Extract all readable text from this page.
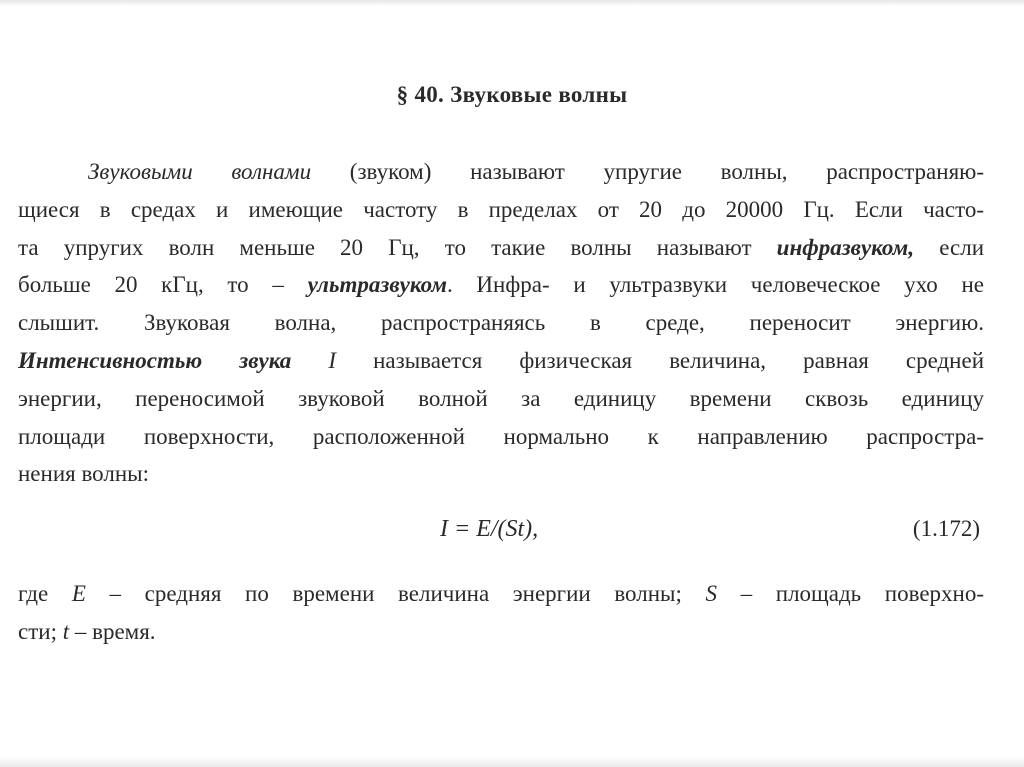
§ 40. Звуковые волны
Звуковыми волнами (звуком) называют упругие волны, распространяю-
щиеся в средах и имеющие частоту в пределах от 20 до 20000 Гц. Если часто-
та упругих волн меньше 20 Гц, то такие волны называют инфразвуком, если
больше 20 кГц, то – ультразвуком. Инфра- и ультразвуки человеческое ухо не
слышит. Звуковая волна, распространяясь в среде, переносит энергию.
Интенсивностью звука I называется физическая величина, равная средней
энергии, переносимой звуковой волной за единицу времени сквозь единицу
площади поверхности, расположенной нормально к направлению распростра-
нения волны:
I = E/(St),	(1.172)
где E – средняя по времени величина энергии волны; S – площадь поверхно-
сти; t – время.
